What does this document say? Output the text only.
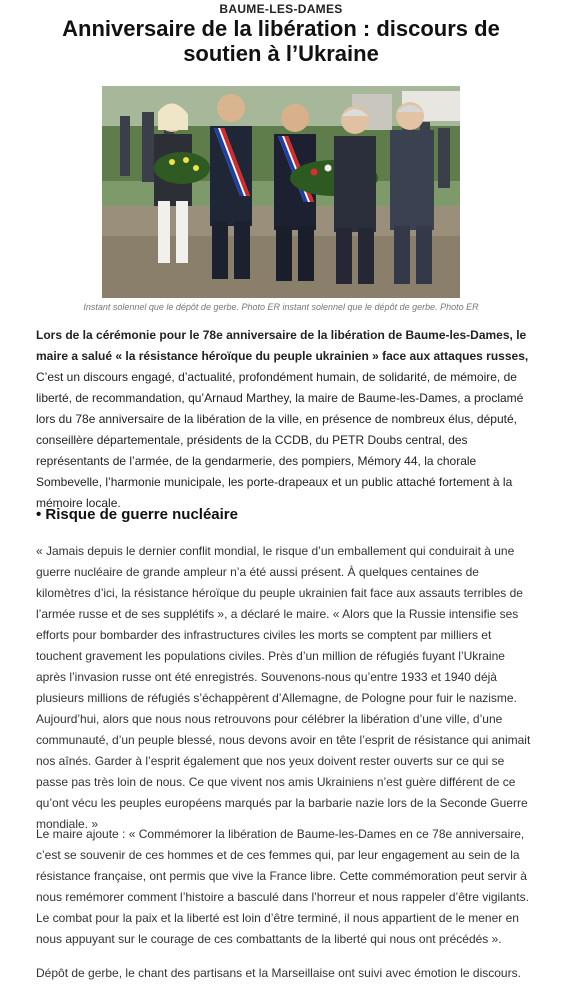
BAUME-LES-DAMES
Anniversaire de la libération : discours de soutien à l’Ukraine
Instant solennel que le dépôt de gerbe. Photo ER instant solennel que le dépôt de gerbe. Photo ER
Lors de la cérémonie pour le 78e anniversaire de la libération de Baume-les-Dames, le maire a salué « la résistance héroïque du peuple ukrainien » face aux attaques russes, C’est un discours engagé, d’actualité, profondément humain, de solidarité, de mémoire, de liberté, de recommandation, qu’Arnaud Marthey, la maire de Baume-les-Dames, a proclamé lors du 78e anniversaire de la libération de la ville, en présence de nombreux élus, député, conseillère départementale, présidents de la CCDB, du PETR Doubs central, des représentants de l’armée, de la gendarmerie, des pompiers, Mémory 44, la chorale Sombevelle, l’harmonie municipale, les porte-drapeaux et un public attaché fortement à la mémoire locale.
• Risque de guerre nucléaire

« Jamais depuis le dernier conflit mondial, le risque d’un emballement qui conduirait à une guerre nucléaire de grande ampleur n’a été aussi présent. À quelques centaines de kilomètres d’ici, la résistance héroïque du peuple ukrainien fait face aux assauts terribles de l’armée russe et de ses supplétifs », a déclaré le maire. « Alors que la Russie intensifie ses efforts pour bombarder des infrastructures civiles les morts se comptent par milliers et touchent gravement les populations civiles. Près d’un million de réfugiés fuyant l’Ukraine après l’invasion russe ont été enregistrés. Souvenons-nous qu’entre 1933 et 1940 déjà plusieurs millions de réfugiés s’échappèrent d’Allemagne, de Pologne pour fuir le nazisme. Aujourd’hui, alors que nous nous retrouvons pour célébrer la libération d’une ville, d’une communauté, d’un peuple blessé, nous devons avoir en tête l’esprit de résistance qui animait nos aînés. Garder à l’esprit également que nos yeux doivent rester ouverts sur ce qui se passe pas très loin de nous. Ce que vivent nos amis Ukrainiens n’est guère différent de ce qu’ont vécu les peuples européens marqués par la barbarie nazie lors de la Seconde Guerre mondiale. »

Le maire ajoute : « Commémorer la libération de Baume-les-Dames en ce 78e anniversaire, c’est se souvenir de ces hommes et de ces femmes qui, par leur engagement au sein de la résistance française, ont permis que vive la France libre. Cette commémoration peut servir à nous remémorer comment l’histoire a basculé dans l’horreur et nous rappeler d’être vigilants. Le combat pour la paix et la liberté est loin d’être terminé, il nous appartient de le mener en nous appuyant sur le courage de ces combattants de la liberté qui nous ont précédés ».

Dépôt de gerbe, le chant des partisans et la Marseillaise ont suivi avec émotion le discours.
